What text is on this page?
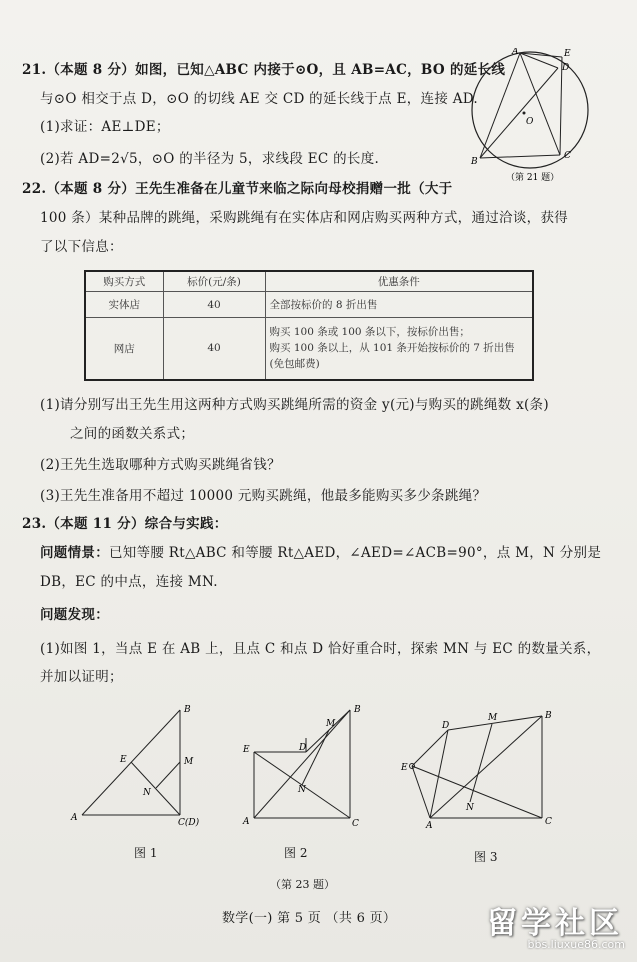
21.（本题 8 分）如图，已知△ABC 内接于⊙O，且 AB=AC，BO 的延长线
与⊙O 相交于点 D，⊙O 的切线 AE 交 CD 的延长线于点 E，连接 AD.
(1)求证：AE⊥DE；
(2)若 AD=2√5，⊙O 的半径为 5，求线段 EC 的长度.
A	E
D
O
B
C
（第 21 题）
22.（本题 8 分）王先生准备在儿童节来临之际向母校捐赠一批（大于
100 条）某种品牌的跳绳，采购跳绳有在实体店和网店购买两种方式，通过洽谈，获得
了以下信息：
购买方式	标价(元/条)	优惠条件
实体店	40	全部按标价的 8 折出售
网店	40	购买 100 条或 100 条以下，按标价出售；
购买 100 条以上，从 101 条开始按标价的 7 折出售
(免包邮费)
(1)请分别写出王先生用这两种方式购买跳绳所需的资金 y(元)与购买的跳绳数 x(条)
之间的函数关系式；
(2)王先生选取哪种方式购买跳绳省钱？
(3)王先生准备用不超过 10000 元购买跳绳，他最多能购买多少条跳绳？
23.（本题 11 分）综合与实践：
问题情景：已知等腰 Rt△ABC 和等腰 Rt△AED，∠AED=∠ACB=90°，点 M，N 分别是
DB，EC 的中点，连接 MN.
问题发现：
(1)如图 1，当点 E 在 AB 上，且点 C 和点 D 恰好重合时，探索 MN 与 EC 的数量关系，
并加以证明；
B
E	M
N
A	C(D)
图 1
B
M
E	D
N
A	C
图 2
D
M	B
E
N
A	C
图 3
（第 23 题）
数学(一) 第 5 页 （共 6 页）	留学社区
bbs.liuxue86.com
